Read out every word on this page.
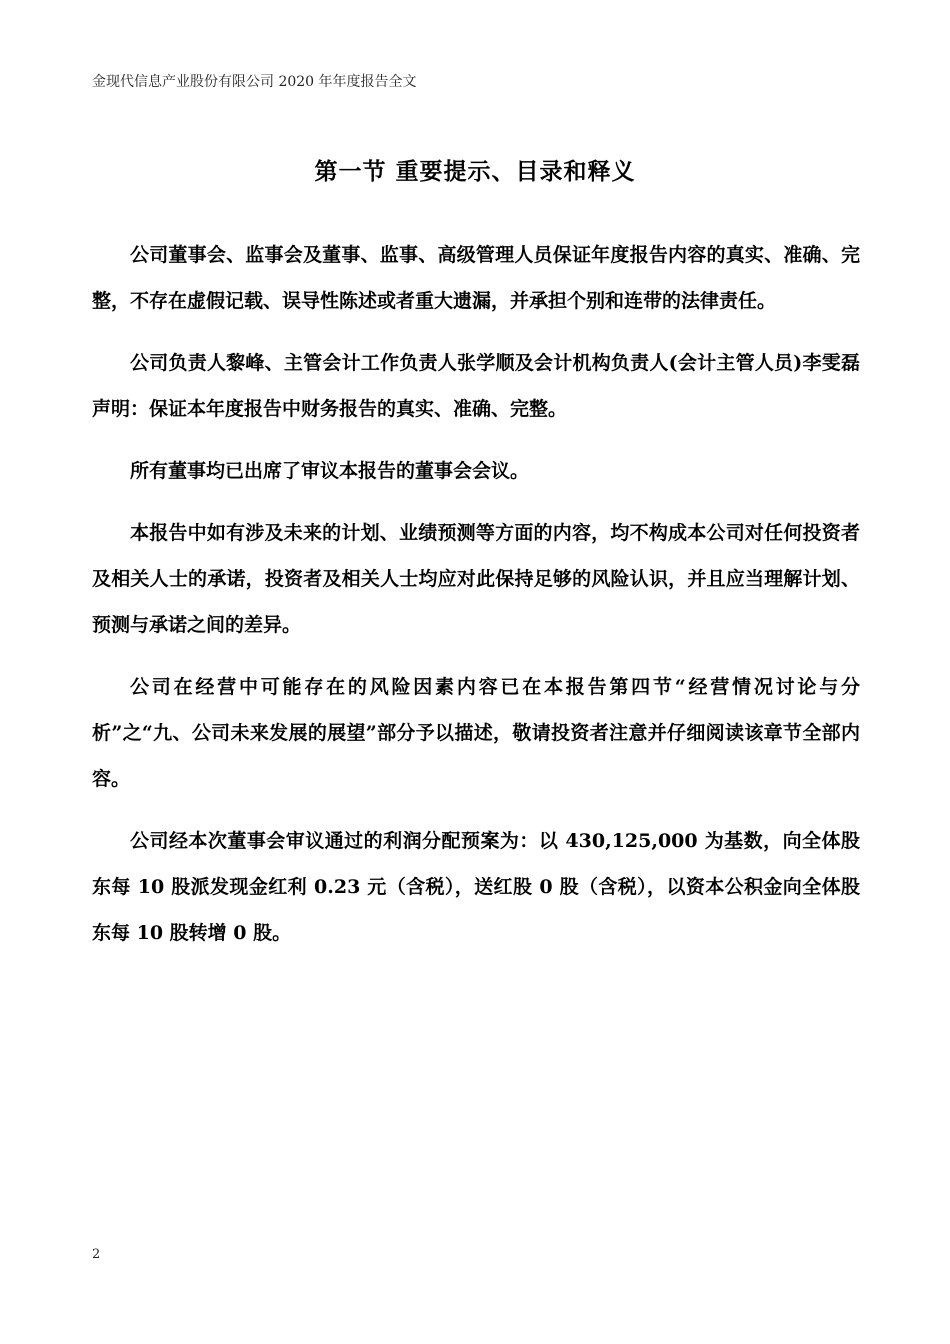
金现代信息产业股份有限公司 2020 年年度报告全文
第一节 重要提示、目录和释义

公司董事会、监事会及董事、监事、高级管理人员保证年度报告内容的真实、准确、完整，不存在虚假记载、误导性陈述或者重大遗漏，并承担个别和连带的法律责任。

公司负责人黎峰、主管会计工作负责人张学顺及会计机构负责人(会计主管人员)李雯磊声明：保证本年度报告中财务报告的真实、准确、完整。

所有董事均已出席了审议本报告的董事会会议。

本报告中如有涉及未来的计划、业绩预测等方面的内容，均不构成本公司对任何投资者及相关人士的承诺，投资者及相关人士均应对此保持足够的风险认识，并且应当理解计划、预测与承诺之间的差异。

公司在经营中可能存在的风险因素内容已在本报告第四节“经营情况讨论与分析”之“九、公司未来发展的展望”部分予以描述，敬请投资者注意并仔细阅读该章节全部内容。

公司经本次董事会审议通过的利润分配预案为：以 430,125,000 为基数，向全体股东每 10 股派发现金红利 0.23 元（含税），送红股 0 股（含税），以资本公积金向全体股东每 10 股转增 0 股。

2
